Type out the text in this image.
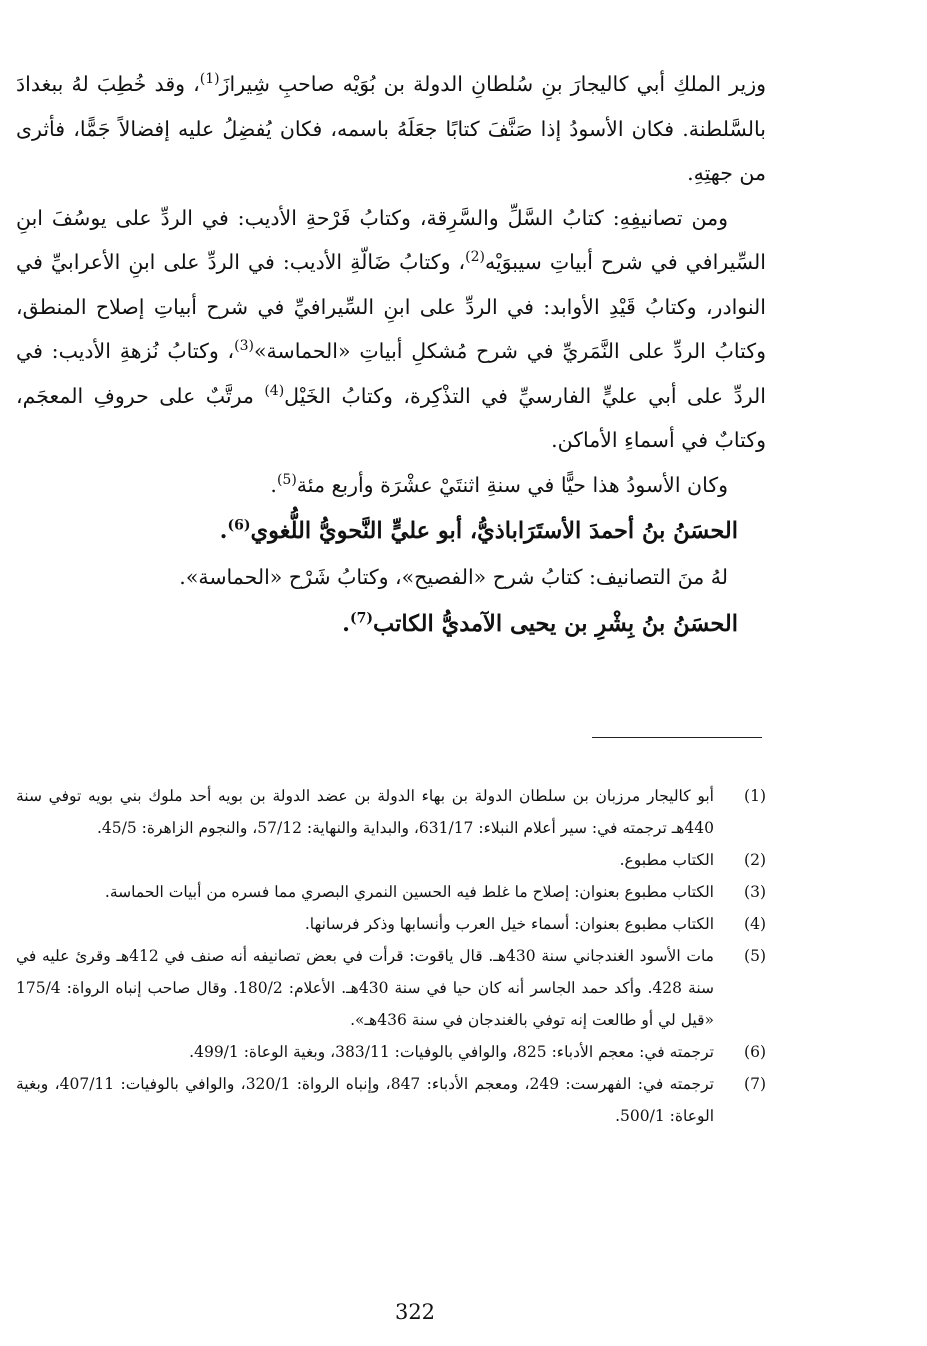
وزير الملكِ أبي كاليجارَ بنِ سُلطانِ الدولة بن بُوَيْه صاحبِ شِيرازَ$^{(1)}$، وقد خُطِبَ لهُ ببغدادَ بالسَّلطنة. فكان الأسودُ إذا صَنَّفَ كتابًا جعَلَهُ باسمه، فكان يُفضِلُ عليه إفضالاً جَمًّا، فأثرى من جهتِهِ.

ومن تصانيفِهِ: كتابُ السَّلِّ والسَّرِقة، وكتابُ فَرْحةِ الأديب: في الردِّ على يوسُفَ ابنِ السِّيرافي في شرح أبياتِ سيبوَيْه$^{(2)}$، وكتابُ ضَالّةِ الأديب: في الردِّ على ابنِ الأعرابيِّ في النوادر، وكتابُ قَيْدِ الأوابد: في الردِّ على ابنِ السِّيرافيِّ في شرح أبياتِ إصلاح المنطق، وكتابُ الردِّ على النَّمَريِّ في شرح مُشكلِ أبياتِ «الحماسة»$^{(3)}$، وكتابُ نُزهةِ الأديب: في الردِّ على أبي عليٍّ الفارسيِّ في التذْكِرة، وكتابُ الخَيْل$^{(4)}$ مرتَّبٌ على حروفِ المعجَم، وكتابٌ في أسماءِ الأماكن.

وكان الأسودُ هذا حيًّا في سنةِ اثنتَيْ عشْرَة وأربع مئة$^{(5)}$.

الحسَنُ بنُ أحمدَ الأستَرَاباذيُّ، أبو عليٍّ النَّحويُّ اللُّغوي$^{(6)}$.

لهُ منَ التصانيف: كتابُ شرح «الفصيح»، وكتابُ شَرْح «الحماسة».

الحسَنُ بنُ بِشْرِ بن يحيى الآمديُّ الكاتب$^{(7)}$.

(1)
أبو كاليجار مرزبان بن سلطان الدولة بن بهاء الدولة بن عضد الدولة بن بويه أحد ملوك بني بويه توفي سنة 440هـ ترجمته في: سير أعلام النبلاء: 631/17، والبداية والنهاية: 57/12، والنجوم الزاهرة: 45/5.
(2)
الكتاب مطبوع.
(3)
الكتاب مطبوع بعنوان: إصلاح ما غلط فيه الحسين النمري البصري مما فسره من أبيات الحماسة.
(4)
الكتاب مطبوع بعنوان: أسماء خيل العرب وأنسابها وذكر فرسانها.
(5)
مات الأسود الغندجاني سنة 430هـ. قال ياقوت: قرأت في بعض تصانيفه أنه صنف في 412هـ وقرئ عليه في سنة 428. وأكد حمد الجاسر أنه كان حيا في سنة 430هـ. الأعلام: 180/2. وقال صاحب إنباه الرواة: 175/4 «قيل لي أو طالعت إنه توفي بالغندجان في سنة 436هـ».
(6)
ترجمته في: معجم الأدباء: 825، والوافي بالوفيات: 383/11، وبغية الوعاة: 499/1.
(7)
ترجمته في: الفهرست: 249، ومعجم الأدباء: 847، وإنباه الرواة: 320/1، والوافي بالوفيات: 407/11، وبغية الوعاة: 500/1.
322
